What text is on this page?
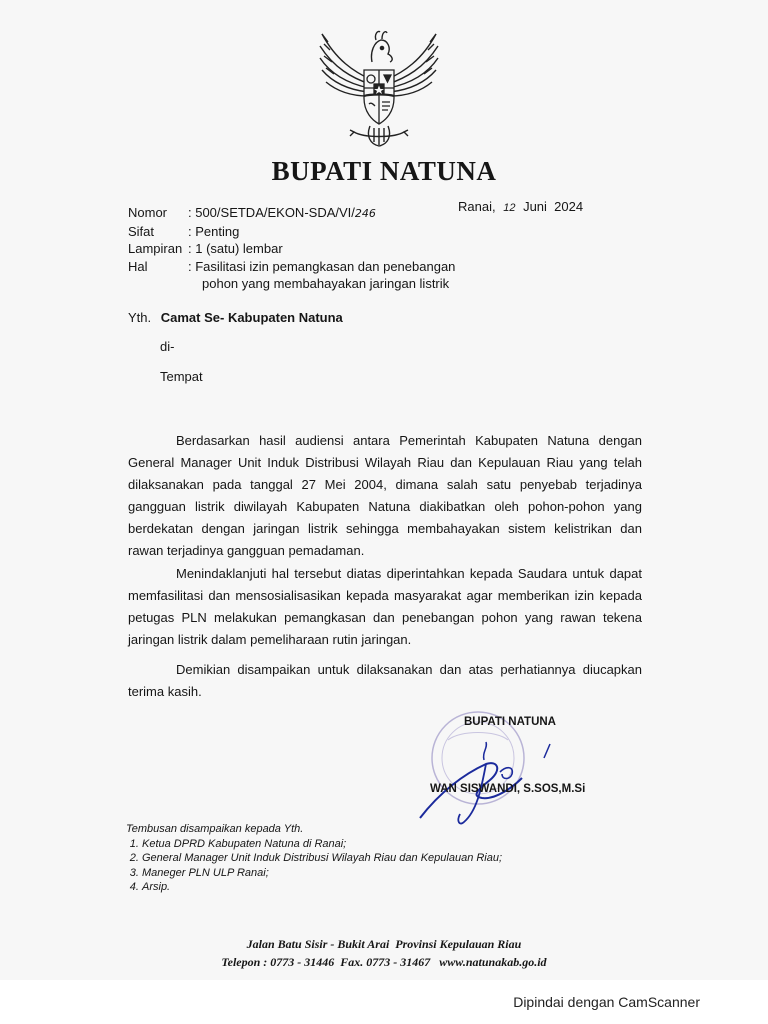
BUPATI NATUNA
Nomor	: 500/SETDA/EKON-SDA/VI/246
Sifat	: Penting
Lampiran : 1 (satu) lembar
Hal	: Fasilitasi izin pemangkasan dan penebangan
pohon yang membahayakan jaringan listrik
Ranai, 12 Juni  2024
Yth. Camat Se- Kabupaten Natuna
di-
Tempat

Berdasarkan hasil audiensi antara Pemerintah Kabupaten Natuna dengan General Manager Unit Induk Distribusi Wilayah Riau dan Kepulauan Riau yang telah dilaksanakan pada tanggal 27 Mei 2004, dimana salah satu penyebab terjadinya gangguan listrik diwilayah Kabupaten Natuna diakibatkan oleh pohon-pohon yang berdekatan dengan jaringan listrik sehingga membahayakan sistem kelistrikan dan rawan terjadinya gangguan pemadaman.

Menindaklanjuti hal tersebut diatas diperintahkan kepada Saudara untuk dapat memfasilitasi dan mensosialisasikan kepada masyarakat agar memberikan izin kepada petugas PLN melakukan pemangkasan dan penebangan pohon yang rawan tekena jaringan listrik dalam pemeliharaan rutin jaringan.

Demikian disampaikan untuk dilaksanakan dan atas perhatiannya diucapkan terima kasih.

BUPATI NATUNA
WAN SISWANDI, S.SOS,M.Si
Tembusan disampaikan kepada Yth.
1. Ketua DPRD Kabupaten Natuna di Ranai;
2. General Manager Unit Induk Distribusi Wilayah Riau dan Kepulauan Riau;
3. Maneger PLN ULP Ranai;
4. Arsip.
Jalan Batu Sisir - Bukit Arai  Provinsi Kepulauan Riau
Telepon : 0773 - 31446  Fax. 0773 - 31467   www.natunakab.go.id
Dipindai dengan CamScanner
